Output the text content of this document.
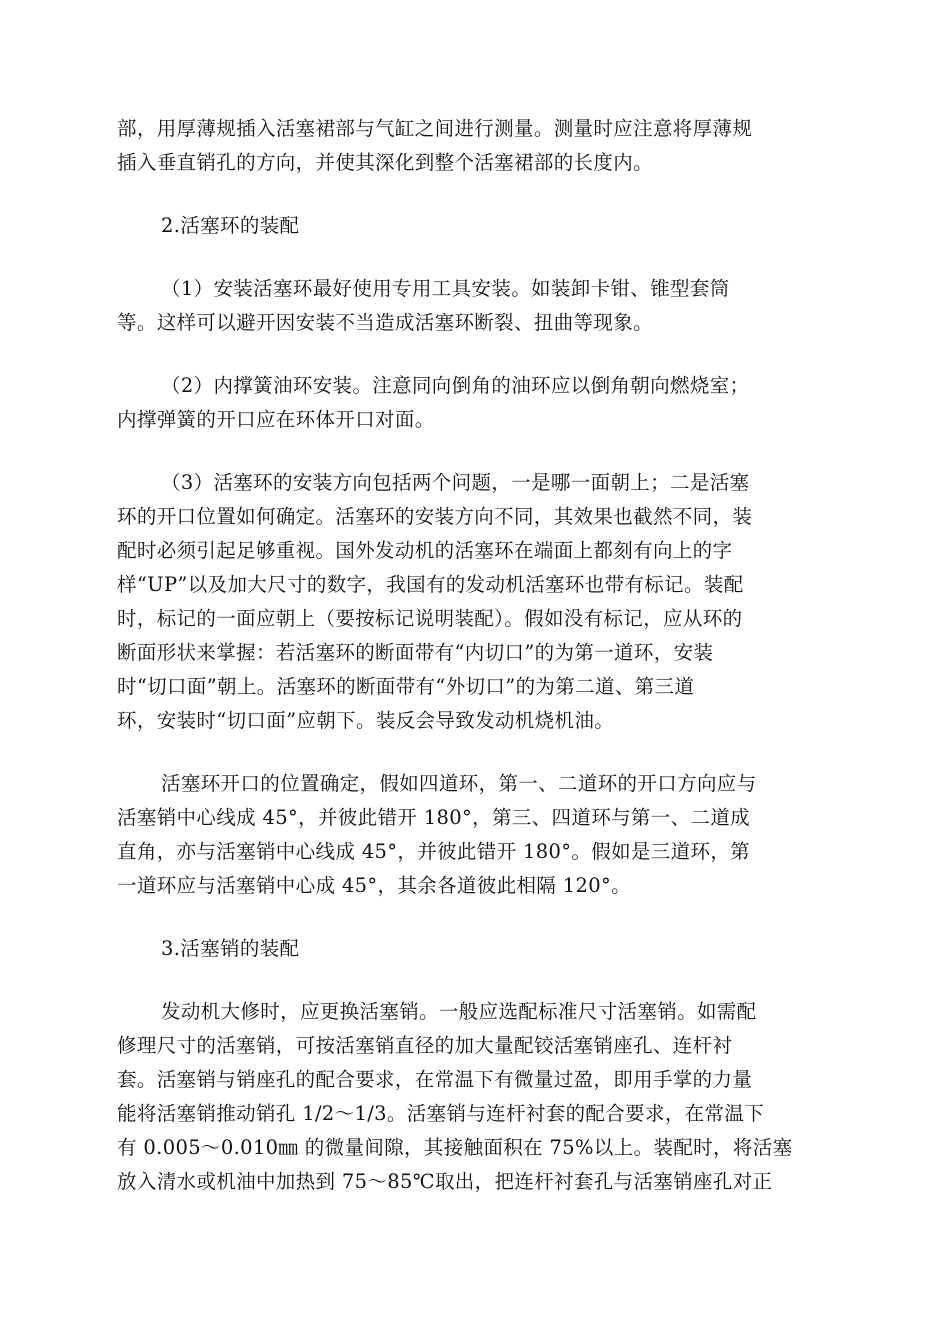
部，用厚薄规插入活塞裙部与气缸之间进行测量。测量时应注意将厚薄规
插入垂直销孔的方向，并使其深化到整个活塞裙部的长度内。
2.活塞环的装配
（1）安装活塞环最好使用专用工具安装。如装卸卡钳、锥型套筒
等。这样可以避开因安装不当造成活塞环断裂、扭曲等现象。
（2）内撑簧油环安装。注意同向倒角的油环应以倒角朝向燃烧室；
内撑弹簧的开口应在环体开口对面。
（3）活塞环的安装方向包括两个问题，一是哪一面朝上；二是活塞
环的开口位置如何确定。活塞环的安装方向不同，其效果也截然不同，装
配时必须引起足够重视。国外发动机的活塞环在端面上都刻有向上的字
样“UP”以及加大尺寸的数字，我国有的发动机活塞环也带有标记。装配
时，标记的一面应朝上（要按标记说明装配）。假如没有标记，应从环的
断面形状来掌握：若活塞环的断面带有“内切口”的为第一道环，安装
时“切口面”朝上。活塞环的断面带有“外切口”的为第二道、第三道
环，安装时“切口面”应朝下。装反会导致发动机烧机油。
活塞环开口的位置确定，假如四道环，第一、二道环的开口方向应与
活塞销中心线成 45°，并彼此错开 180°，第三、四道环与第一、二道成
直角，亦与活塞销中心线成 45°，并彼此错开 180°。假如是三道环，第
一道环应与活塞销中心成 45°，其余各道彼此相隔 120°。
3.活塞销的装配
发动机大修时，应更换活塞销。一般应选配标准尺寸活塞销。如需配
修理尺寸的活塞销，可按活塞销直径的加大量配铰活塞销座孔、连杆衬
套。活塞销与销座孔的配合要求，在常温下有微量过盈，即用手掌的力量
能将活塞销推动销孔 1/2～1/3。活塞销与连杆衬套的配合要求，在常温下
有 0.005～0.010㎜ 的微量间隙，其接触面积在 75%以上。装配时，将活塞
放入清水或机油中加热到 75～85℃取出，把连杆衬套孔与活塞销座孔对正
